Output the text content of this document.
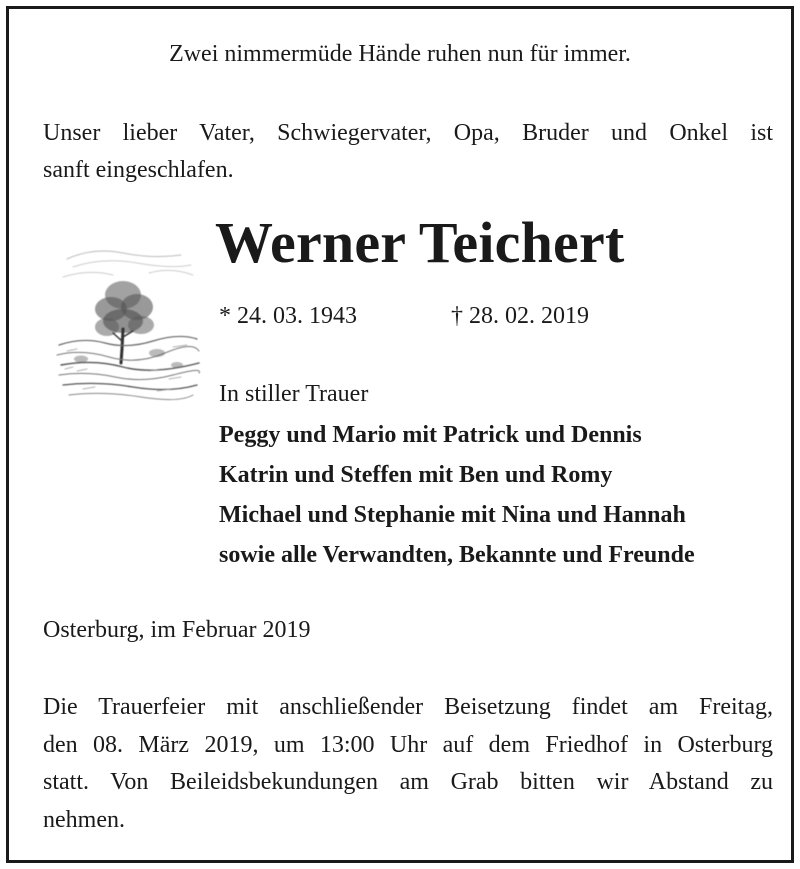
Zwei nimmermüde Hände ruhen nun für immer.
Unser lieber Vater, Schwiegervater, Opa, Bruder und Onkel ist
sanft eingeschlafen.
Werner Teichert
* 24. 03. 1943	† 28. 02. 2019
In stiller Trauer
Peggy und Mario mit Patrick und Dennis
Katrin und Steffen mit Ben und Romy
Michael und Stephanie mit Nina und Hannah
sowie alle Verwandten, Bekannte und Freunde
Osterburg, im Februar 2019
Die Trauerfeier mit anschließender Beisetzung findet am Freitag,
den 08. März 2019, um 13:00 Uhr auf dem Friedhof in Osterburg
statt. Von Beileidsbekundungen am Grab bitten wir Abstand zu
nehmen.
